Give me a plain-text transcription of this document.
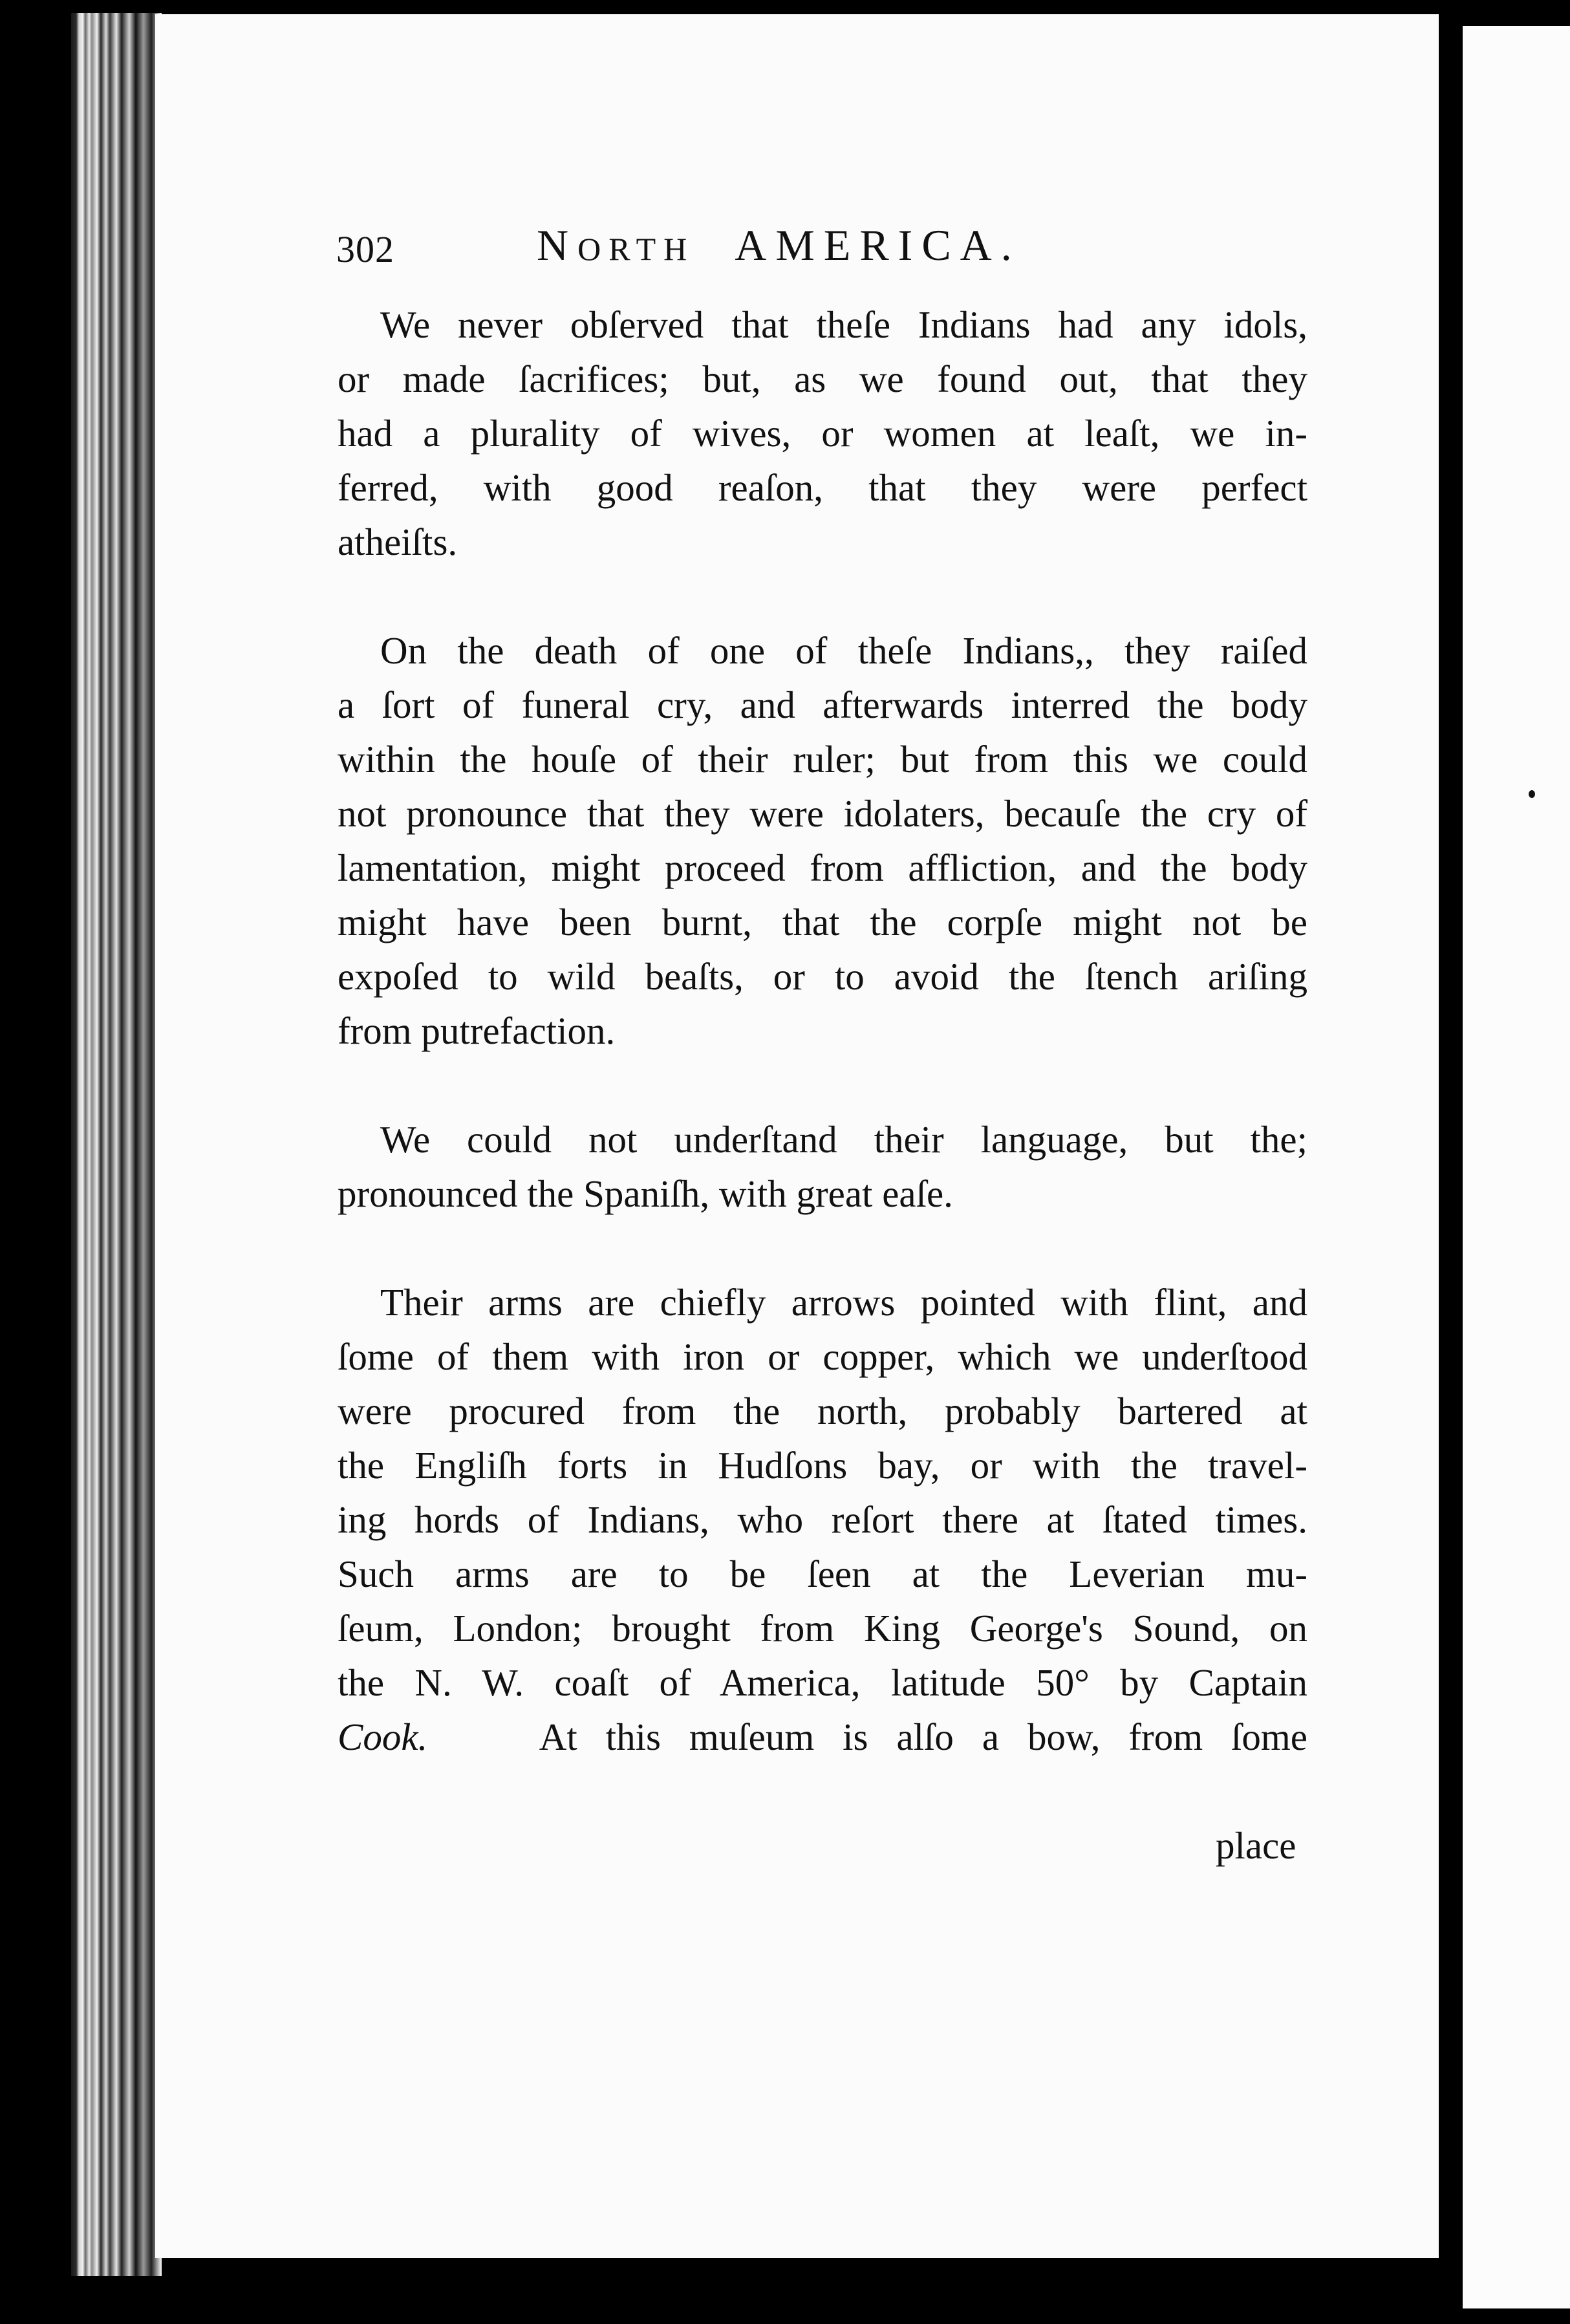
302	NORTH AMERICA.

We never obſerved that theſe Indians had any idols,
or made ſacrifices; but, as we found out, that they
had a plurality of wives, or women at leaſt, we in-
ferred, with good reaſon, that they were perfect
atheiſts.

On the death of one of theſe Indians,, they raiſed
a ſort of funeral cry, and afterwards interred the body
within the houſe of their ruler; but from this we could
not pronounce that they were idolaters, becauſe the cry of
lamentation, might proceed from affliction, and the body
might have been burnt, that the corpſe might not be
expoſed to wild beaſts, or to avoid the ſtench ariſing
from putrefaction.

We could not underſtand their language, but the;
pronounced the Spaniſh, with great eaſe.

Their arms are chiefly arrows pointed with flint, and
ſome of them with iron or copper, which we underſtood
were procured from the north, probably bartered at
the Engliſh forts in Hudſons bay, or with the travel-
ing hords of Indians, who reſort there at ſtated times.
Such arms are to be ſeen at the Leverian mu-
ſeum, London; brought from King George's Sound, on
the N. W. coaſt of America, latitude 50° by Captain
Cook.	At this muſeum is alſo a bow, from ſome

place
